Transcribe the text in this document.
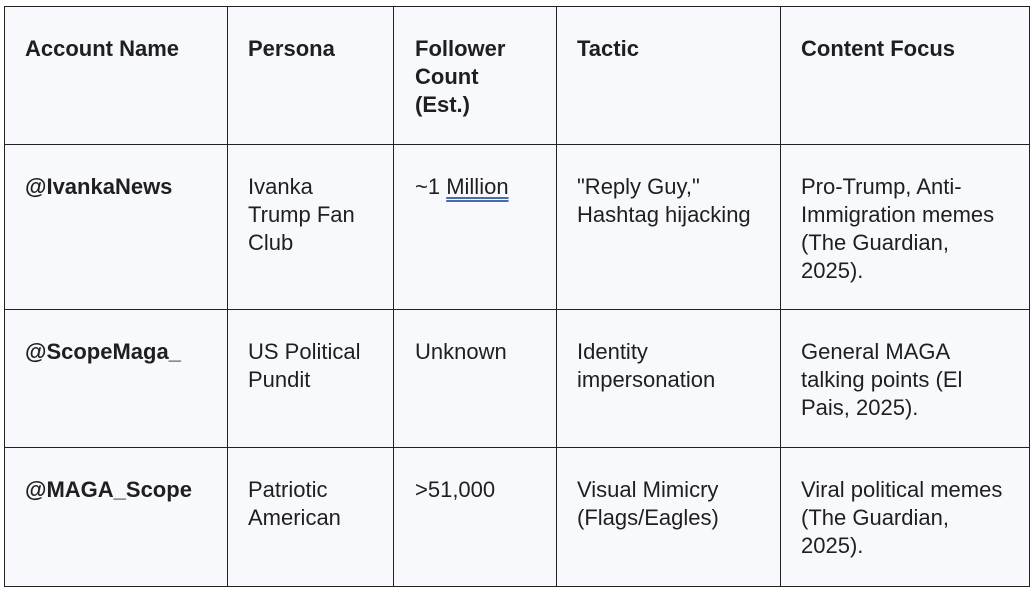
Account Name	Persona	Follower Count (Est.)	Tactic	Content Focus
@IvankaNews	Ivanka Trump Fan Club	~1 Million	"Reply Guy," Hashtag hijacking	Pro-Trump, Anti-Immigration memes (The Guardian, 2025).
@ScopeMaga_	US Political Pundit	Unknown	Identity impersonation	General MAGA talking points (El Pais, 2025).
@MAGA_Scope	Patriotic American	>51,000	Visual Mimicry (Flags/Eagles)	Viral political memes (The Guardian, 2025).
